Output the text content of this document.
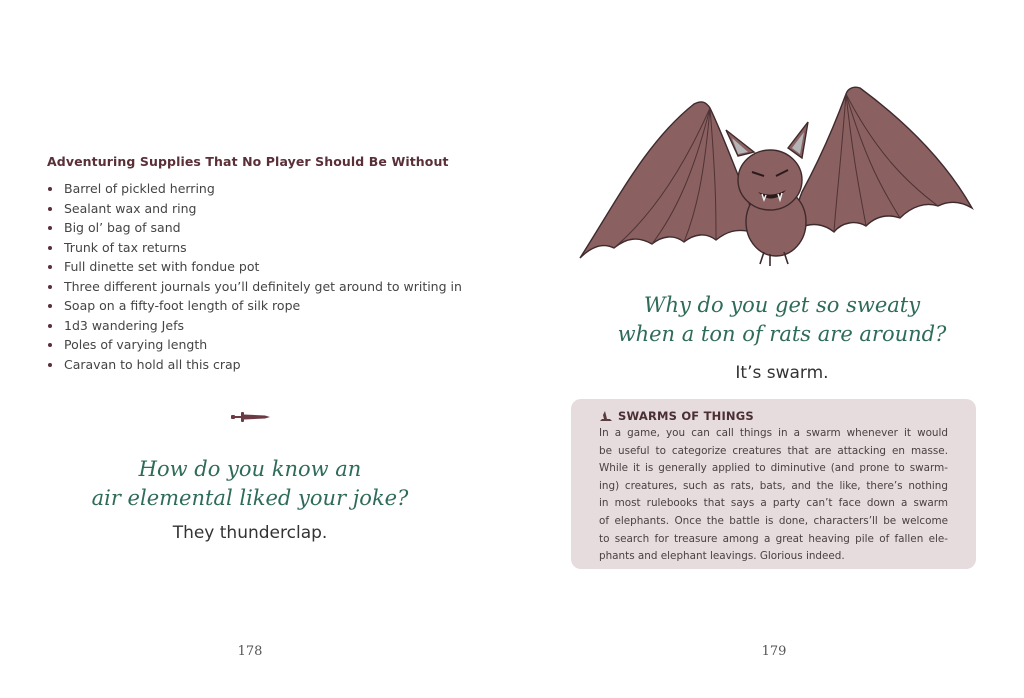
Adventuring Supplies That No Player Should Be Without
Barrel of pickled herring
Sealant wax and ring
Big ol’ bag of sand
Trunk of tax returns
Full dinette set with fondue pot
Three different journals you’ll definitely get around to writing in
Soap on a fifty-foot length of silk rope
1d3 wandering Jefs
Poles of varying length
Caravan to hold all this crap
How do you know an
air elemental liked your joke?
They thunderclap.
178
Why do you get so sweaty
when a ton of rats are around?
It’s swarm.
SWARMS OF THINGS
In a game, you can call things in a swarm whenever it would
be useful to categorize creatures that are attacking en masse.
While it is generally applied to diminutive (and prone to swarm-
ing) creatures, such as rats, bats, and the like, there’s nothing
in most rulebooks that says a party can’t face down a swarm
of elephants. Once the battle is done, characters’ll be welcome
to search for treasure among a great heaving pile of fallen ele-
phants and elephant leavings. Glorious indeed.
179
